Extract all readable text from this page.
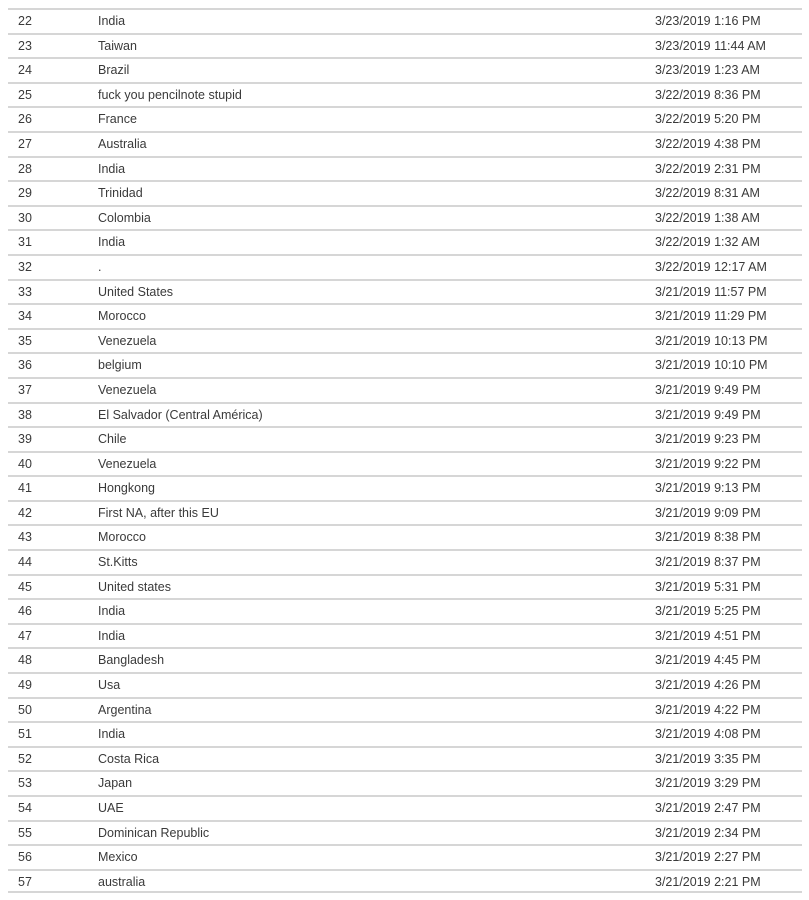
22	India	3/23/2019 1:16 PM
23	Taiwan	3/23/2019 11:44 AM
24	Brazil	3/23/2019 1:23 AM
25	fuck you pencilnote stupid	3/22/2019 8:36 PM
26	France	3/22/2019 5:20 PM
27	Australia	3/22/2019 4:38 PM
28	India	3/22/2019 2:31 PM
29	Trinidad	3/22/2019 8:31 AM
30	Colombia	3/22/2019 1:38 AM
31	India	3/22/2019 1:32 AM
32	.	3/22/2019 12:17 AM
33	United States	3/21/2019 11:57 PM
34	Morocco	3/21/2019 11:29 PM
35	Venezuela	3/21/2019 10:13 PM
36	belgium	3/21/2019 10:10 PM
37	Venezuela	3/21/2019 9:49 PM
38	El Salvador (Central América)	3/21/2019 9:49 PM
39	Chile	3/21/2019 9:23 PM
40	Venezuela	3/21/2019 9:22 PM
41	Hongkong	3/21/2019 9:13 PM
42	First NA, after this EU	3/21/2019 9:09 PM
43	Morocco	3/21/2019 8:38 PM
44	St.Kitts	3/21/2019 8:37 PM
45	United states	3/21/2019 5:31 PM
46	India	3/21/2019 5:25 PM
47	India	3/21/2019 4:51 PM
48	Bangladesh	3/21/2019 4:45 PM
49	Usa	3/21/2019 4:26 PM
50	Argentina	3/21/2019 4:22 PM
51	India	3/21/2019 4:08 PM
52	Costa Rica	3/21/2019 3:35 PM
53	Japan	3/21/2019 3:29 PM
54	UAE	3/21/2019 2:47 PM
55	Dominican Republic	3/21/2019 2:34 PM
56	Mexico	3/21/2019 2:27 PM
57	australia	3/21/2019 2:21 PM
